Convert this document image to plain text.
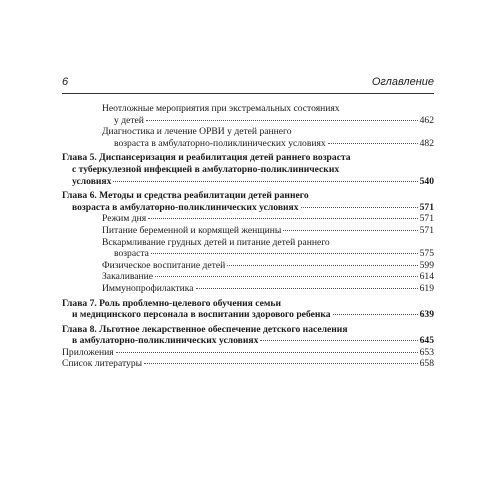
6	Оглавление
Неотложные мероприятия при экстремальных состояниях
у детей	462
Диагностика и лечение ОРВИ у детей раннего
возраста в амбулаторно-поликлинических условиях	482
Глава 5. Диспансеризация и реабилитация детей раннего возраста
с туберкулезной инфекцией в амбулаторно-поликлинических
условиях	540
Глава 6. Методы и средства реабилитации детей раннего
возраста в амбулаторно-поликлинических условиях	571
Режим дня	571
Питание беременной и кормящей женщины	571
Вскармливание грудных детей и питание детей раннего
возраста	575
Физическое воспитание детей	599
Закаливание	614
Иммунопрофилактика	619
Глава 7. Роль проблемно-целевого обучения семьи
и медицинского персонала в воспитании здорового ребенка	639
Глава 8. Льготное лекарственное обеспечение детского населения
в амбулаторно-поликлинических условиях	645
Приложения	653
Список литературы	658
